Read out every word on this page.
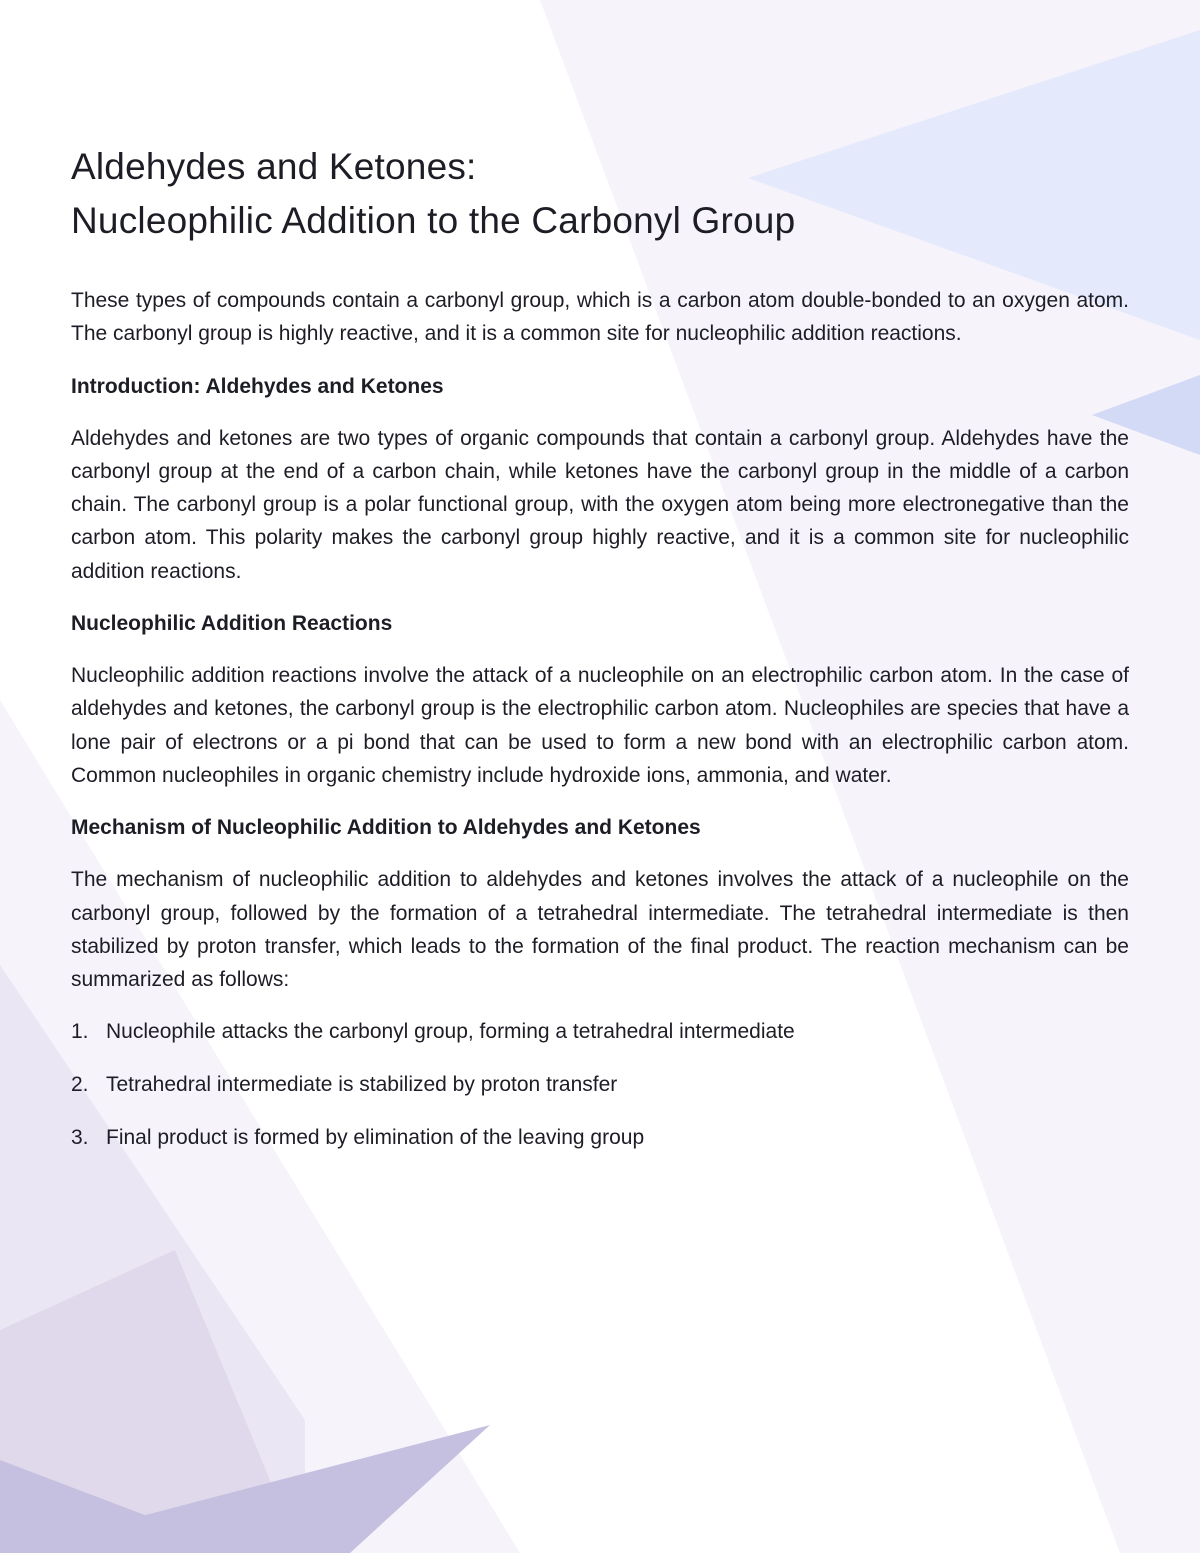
Aldehydes and Ketones:
Nucleophilic Addition to the Carbonyl Group

These types of compounds contain a carbonyl group, which is a carbon atom double-bonded to an oxygen atom. The carbonyl group is highly reactive, and it is a common site for nucleophilic addition reactions.

Introduction: Aldehydes and Ketones

Aldehydes and ketones are two types of organic compounds that contain a carbonyl group. Aldehydes have the carbonyl group at the end of a carbon chain, while ketones have the carbonyl group in the middle of a carbon chain. The carbonyl group is a polar functional group, with the oxygen atom being more electronegative than the carbon atom. This polarity makes the carbonyl group highly reactive, and it is a common site for nucleophilic addition reactions.

Nucleophilic Addition Reactions

Nucleophilic addition reactions involve the attack of a nucleophile on an electrophilic carbon atom. In the case of aldehydes and ketones, the carbonyl group is the electrophilic carbon atom. Nucleophiles are species that have a lone pair of electrons or a pi bond that can be used to form a new bond with an electrophilic carbon atom. Common nucleophiles in organic chemistry include hydroxide ions, ammonia, and water.

Mechanism of Nucleophilic Addition to Aldehydes and Ketones

The mechanism of nucleophilic addition to aldehydes and ketones involves the attack of a nucleophile on the carbonyl group, followed by the formation of a tetrahedral intermediate. The tetrahedral intermediate is then stabilized by proton transfer, which leads to the formation of the final product. The reaction mechanism can be summarized as follows:

1. Nucleophile attacks the carbonyl group, forming a tetrahedral intermediate
2. Tetrahedral intermediate is stabilized by proton transfer
3. Final product is formed by elimination of the leaving group
